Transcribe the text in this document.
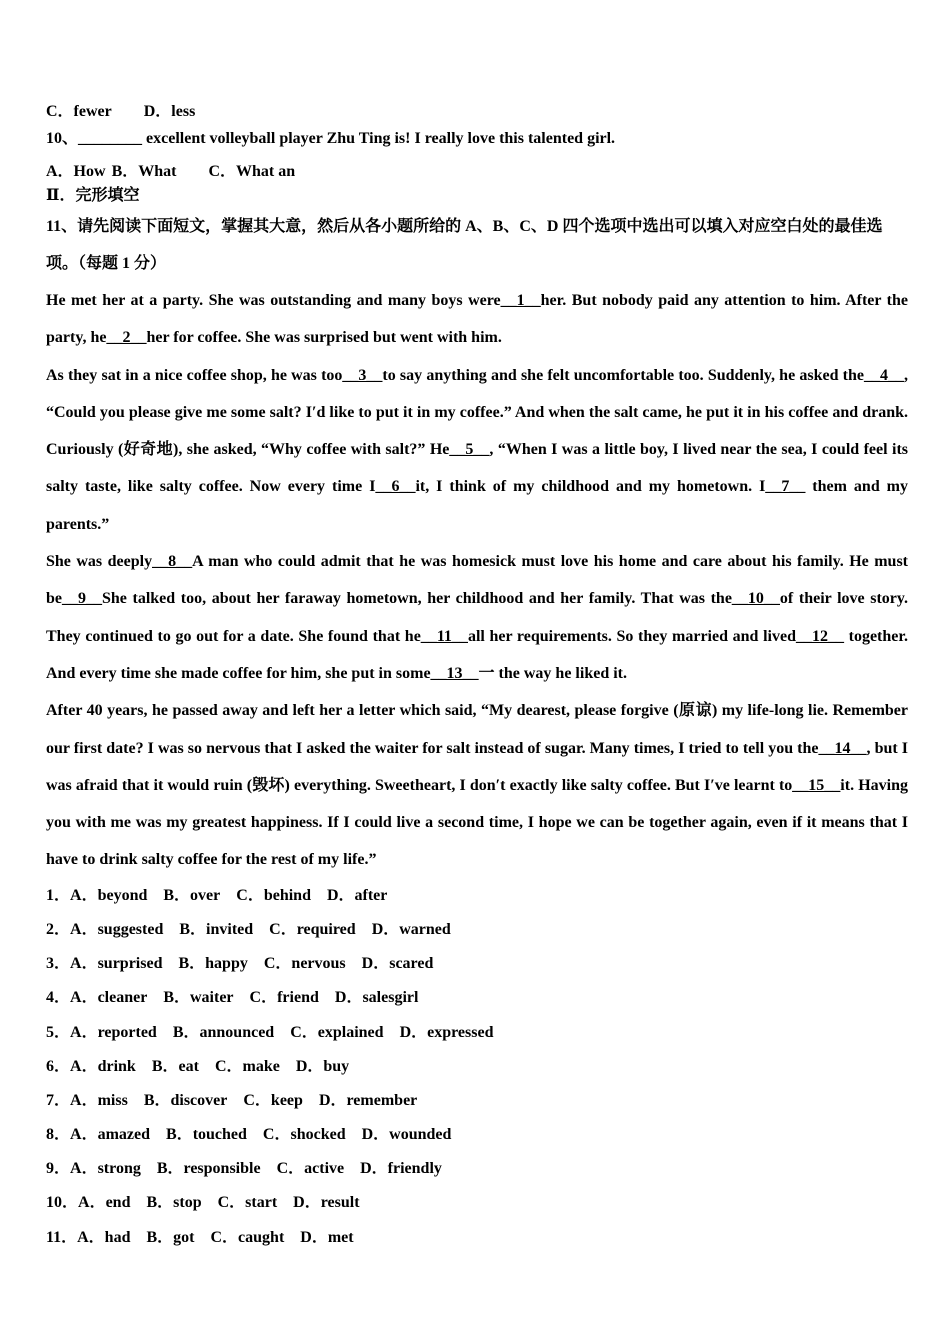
C．fewer D．less
10、________ excellent volleyball player Zhu Ting is! I really love this talented girl.
A．How B．What C．What an
Ⅱ．完形填空
11、请先阅读下面短文，掌握其大意，然后从各小题所给的 A、B、C、D 四个选项中选出可以填入对应空白处的最佳选项。（每题 1 分）
He met her at a party. She was outstanding and many boys were__1__her. But nobody paid any attention to him. After the party, he__2__her for coffee. She was surprised but went with him.
As they sat in a nice coffee shop, he was too__3__to say anything and she felt uncomfortable too. Suddenly, he asked the__4__, “Could you please give me some salt? I′d like to put it in my coffee.” And when the salt came, he put it in his coffee and drank. Curiously (好奇地), she asked, “Why coffee with salt?” He__5__, “When I was a little boy, I lived near the sea, I could feel its salty taste, like salty coffee. Now every time I__6__it, I think of my childhood and my hometown. I__7__ them and my parents.”
She was deeply__8__A man who could admit that he was homesick must love his home and care about his family. He must be__9__She talked too, about her faraway hometown, her childhood and her family. That was the__10__of their love story. They continued to go out for a date. She found that he__11__all her requirements. So they married and lived__12__ together. And every time she made coffee for him, she put in some__13__一 the way he liked it.
After 40 years, he passed away and left her a letter which said, “My dearest, please forgive (原谅) my life-long lie. Remember our first date? I was so nervous that I asked the waiter for salt instead of sugar. Many times, I tried to tell you the__14__, but I was afraid that it would ruin (毁坏) everything. Sweetheart, I don′t exactly like salty coffee. But I′ve learnt to__15__it. Having you with me was my greatest happiness. If I could live a second time, I hope we can be together again, even if it means that I have to drink salty coffee for the rest of my life.”
1．A．beyond B．over C．behind D．after
2．A．suggested B．invited C．required D．warned
3．A．surprised B．happy C．nervous D．scared
4．A．cleaner B．waiter C．friend D．salesgirl
5．A．reported B．announced C．explained D．expressed
6．A．drink B．eat C．make D．buy
7．A．miss B．discover C．keep D．remember
8．A．amazed B．touched C．shocked D．wounded
9．A．strong B．responsible C．active D．friendly
10．A．end B．stop C．start D．result
11．A．had B．got C．caught D．met
